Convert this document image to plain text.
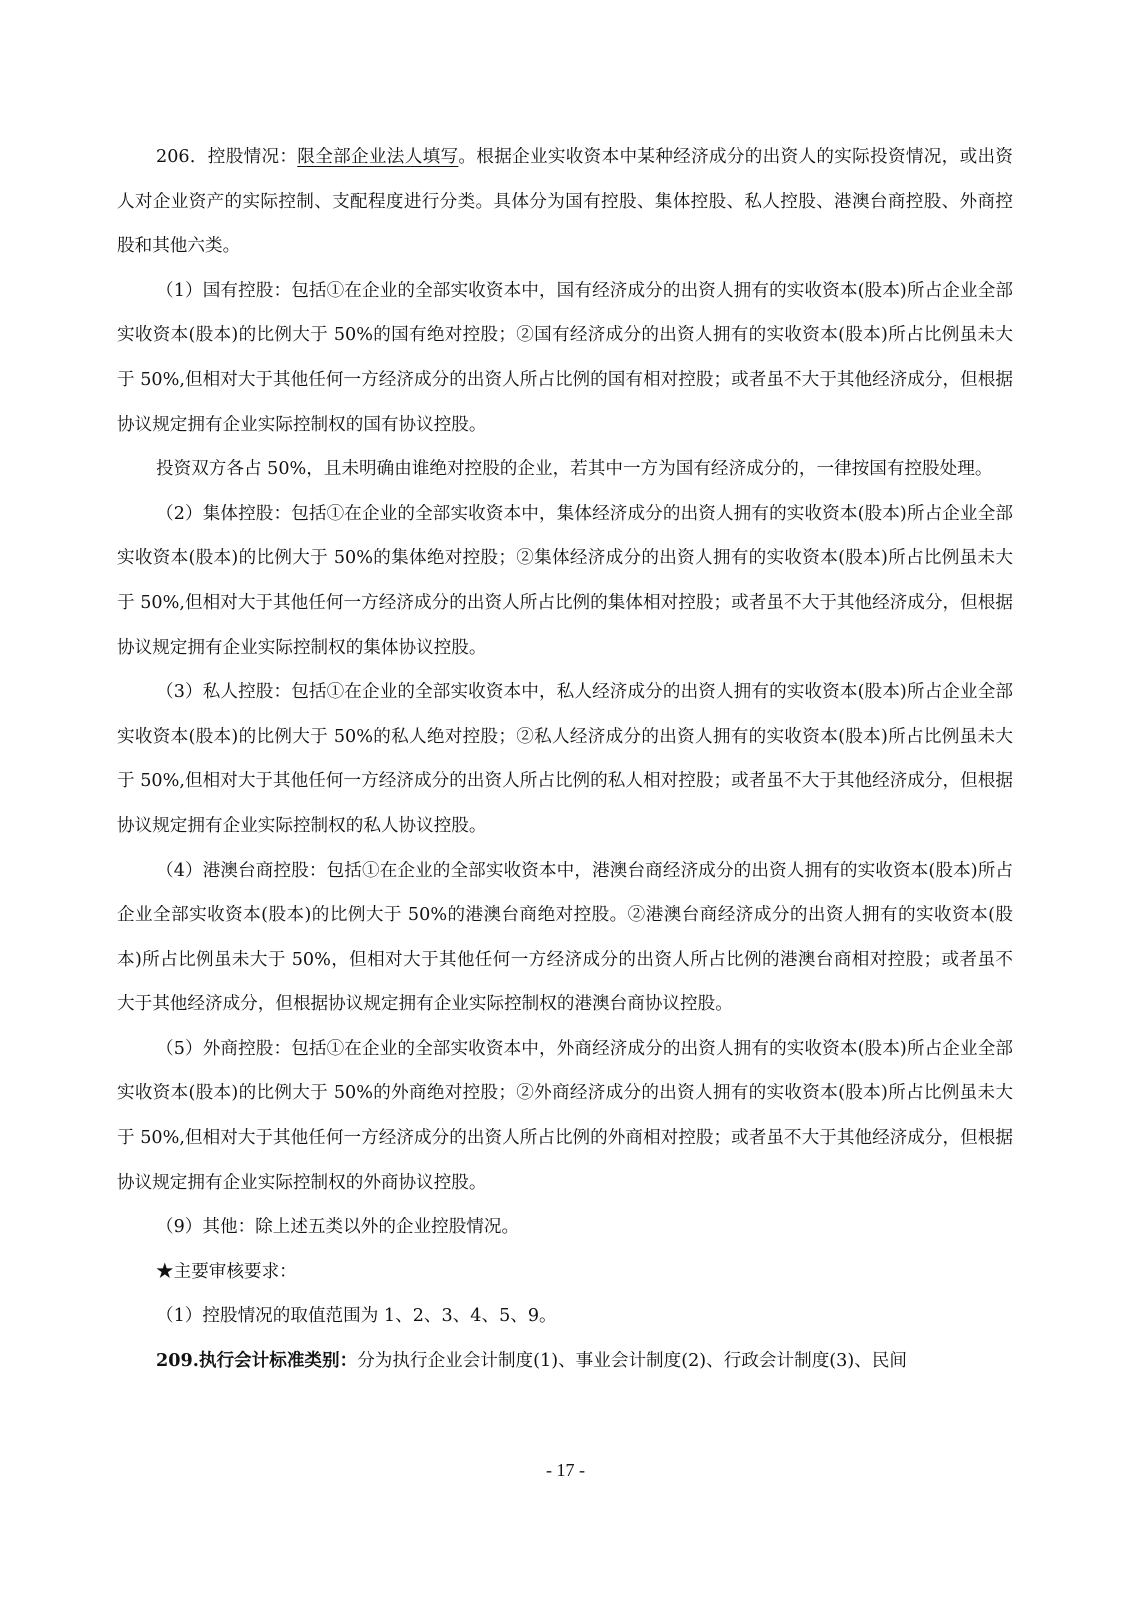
206．控股情况：限全部企业法人填写。根据企业实收资本中某种经济成分的出资人的实际投资情况，或出资人对企业资产的实际控制、支配程度进行分类。具体分为国有控股、集体控股、私人控股、港澳台商控股、外商控股和其他六类。

（1）国有控股：包括①在企业的全部实收资本中，国有经济成分的出资人拥有的实收资本(股本)所占企业全部实收资本(股本)的比例大于 50%的国有绝对控股；②国有经济成分的出资人拥有的实收资本(股本)所占比例虽未大于 50%,但相对大于其他任何一方经济成分的出资人所占比例的国有相对控股；或者虽不大于其他经济成分，但根据协议规定拥有企业实际控制权的国有协议控股。

投资双方各占 50%，且未明确由谁绝对控股的企业，若其中一方为国有经济成分的，一律按国有控股处理。

（2）集体控股：包括①在企业的全部实收资本中，集体经济成分的出资人拥有的实收资本(股本)所占企业全部实收资本(股本)的比例大于 50%的集体绝对控股；②集体经济成分的出资人拥有的实收资本(股本)所占比例虽未大于 50%,但相对大于其他任何一方经济成分的出资人所占比例的集体相对控股；或者虽不大于其他经济成分，但根据协议规定拥有企业实际控制权的集体协议控股。

（3）私人控股：包括①在企业的全部实收资本中，私人经济成分的出资人拥有的实收资本(股本)所占企业全部实收资本(股本)的比例大于 50%的私人绝对控股；②私人经济成分的出资人拥有的实收资本(股本)所占比例虽未大于 50%,但相对大于其他任何一方经济成分的出资人所占比例的私人相对控股；或者虽不大于其他经济成分，但根据协议规定拥有企业实际控制权的私人协议控股。

（4）港澳台商控股：包括①在企业的全部实收资本中，港澳台商经济成分的出资人拥有的实收资本(股本)所占企业全部实收资本(股本)的比例大于 50%的港澳台商绝对控股。②港澳台商经济成分的出资人拥有的实收资本(股本)所占比例虽未大于 50%，但相对大于其他任何一方经济成分的出资人所占比例的港澳台商相对控股；或者虽不大于其他经济成分，但根据协议规定拥有企业实际控制权的港澳台商协议控股。

（5）外商控股：包括①在企业的全部实收资本中，外商经济成分的出资人拥有的实收资本(股本)所占企业全部实收资本(股本)的比例大于 50%的外商绝对控股；②外商经济成分的出资人拥有的实收资本(股本)所占比例虽未大于 50%,但相对大于其他任何一方经济成分的出资人所占比例的外商相对控股；或者虽不大于其他经济成分，但根据协议规定拥有企业实际控制权的外商协议控股。

（9）其他：除上述五类以外的企业控股情况。

★主要审核要求：

（1）控股情况的取值范围为 1、2、3、4、5、9。

209.执行会计标准类别：分为执行企业会计制度(1)、事业会计制度(2)、行政会计制度(3)、民间

- 17 -
